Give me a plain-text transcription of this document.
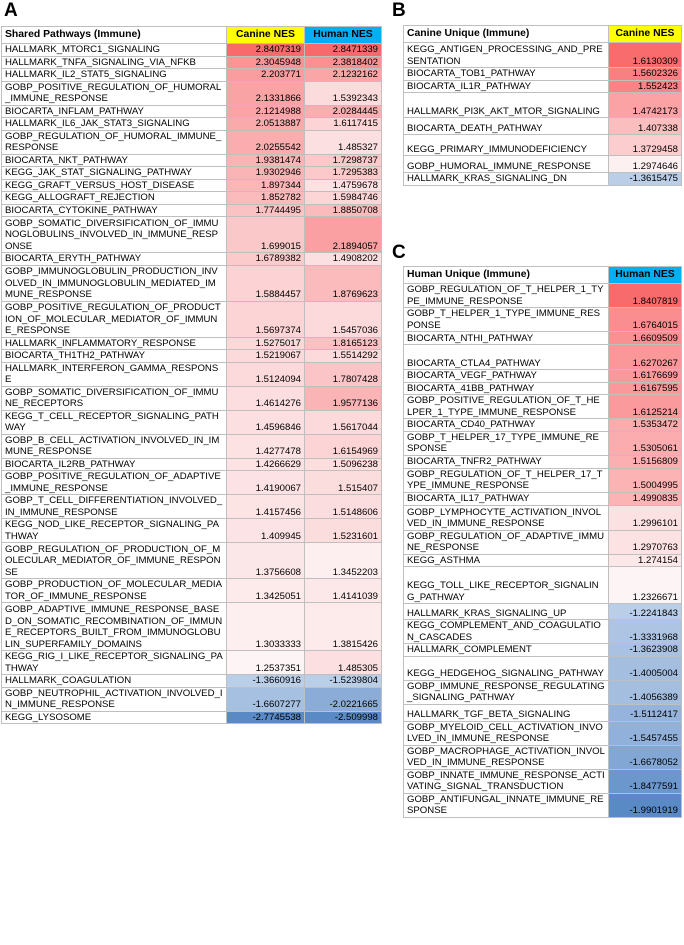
A	B
C
Shared Pathways (Immune)	Canine NES	Human NES
HALLMARK_MTORC1_SIGNALING	2.8407319	2.8471339
HALLMARK_TNFA_SIGNALING_VIA_NFKB	2.3045948	2.3818402
HALLMARK_IL2_STAT5_SIGNALING	2.203771	2.1232162
GOBP_POSITIVE_REGULATION_OF_HUMORAL_IMMUNE_RESPONSE	2.1331866	1.5392343
BIOCARTA_INFLAM_PATHWAY	2.1214988	2.0284445
HALLMARK_IL6_JAK_STAT3_SIGNALING	2.0513887	1.6117415
GOBP_REGULATION_OF_HUMORAL_IMMUNE_RESPONSE	2.0255542	1.485327
BIOCARTA_NKT_PATHWAY	1.9381474	1.7298737
KEGG_JAK_STAT_SIGNALING_PATHWAY	1.9302946	1.7295383
KEGG_GRAFT_VERSUS_HOST_DISEASE	1.897344	1.4759678
KEGG_ALLOGRAFT_REJECTION	1.852782	1.5984746
BIOCARTA_CYTOKINE_PATHWAY	1.7744495	1.8850708
GOBP_SOMATIC_DIVERSIFICATION_OF_IMMUNOGLOBULINS_INVOLVED_IN_IMMUNE_RESPONSE	1.699015	2.1894057
BIOCARTA_ERYTH_PATHWAY	1.6789382	1.4908202
GOBP_IMMUNOGLOBULIN_PRODUCTION_INVOLVED_IN_IMMUNOGLOBULIN_MEDIATED_IMMUNE_RESPONSE	1.5884457	1.8769623
GOBP_POSITIVE_REGULATION_OF_PRODUCTION_OF_MOLECULAR_MEDIATOR_OF_IMMUNE_RESPONSE	1.5697374	1.5457036
HALLMARK_INFLAMMATORY_RESPONSE	1.5275017	1.8165123
BIOCARTA_TH1TH2_PATHWAY	1.5219067	1.5514292
HALLMARK_INTERFERON_GAMMA_RESPONSE	1.5124094	1.7807428
GOBP_SOMATIC_DIVERSIFICATION_OF_IMMUNE_RECEPTORS	1.4614276	1.9577136
KEGG_T_CELL_RECEPTOR_SIGNALING_PATHWAY	1.4596846	1.5617044
GOBP_B_CELL_ACTIVATION_INVOLVED_IN_IMMUNE_RESPONSE	1.4277478	1.6154969
BIOCARTA_IL2RB_PATHWAY	1.4266629	1.5096238
GOBP_POSITIVE_REGULATION_OF_ADAPTIVE_IMMUNE_RESPONSE	1.4190067	1.515407
GOBP_T_CELL_DIFFERENTIATION_INVOLVED_IN_IMMUNE_RESPONSE	1.4157456	1.5148606
KEGG_NOD_LIKE_RECEPTOR_SIGNALING_PATHWAY	1.409945	1.5231601
GOBP_REGULATION_OF_PRODUCTION_OF_MOLECULAR_MEDIATOR_OF_IMMUNE_RESPONSE	1.3756608	1.3452203
GOBP_PRODUCTION_OF_MOLECULAR_MEDIATOR_OF_IMMUNE_RESPONSE	1.3425051	1.4141039
GOBP_ADAPTIVE_IMMUNE_RESPONSE_BASED_ON_SOMATIC_RECOMBINATION_OF_IMMUNE_RECEPTORS_BUILT_FROM_IMMUNOGLOBULIN_SUPERFAMILY_DOMAINS	1.3033333	1.3815426
KEGG_RIG_I_LIKE_RECEPTOR_SIGNALING_PATHWAY	1.2537351	1.485305
HALLMARK_COAGULATION	-1.3660916	-1.5239804
GOBP_NEUTROPHIL_ACTIVATION_INVOLVED_IN_IMMUNE_RESPONSE	-1.6607277	-2.0221665
KEGG_LYSOSOME	-2.7745538	-2.509998
Canine Unique (Immune)	Canine NES
KEGG_ANTIGEN_PROCESSING_AND_PRESENTATION	1.6130309
BIOCARTA_TOB1_PATHWAY	1.5602326
BIOCARTA_IL1R_PATHWAY	1.552423
HALLMARK_PI3K_AKT_MTOR_SIGNALING	1.4742173
BIOCARTA_DEATH_PATHWAY	1.407338
KEGG_PRIMARY_IMMUNODEFICIENCY	1.3729458
GOBP_HUMORAL_IMMUNE_RESPONSE	1.2974646
HALLMARK_KRAS_SIGNALING_DN	-1.3615475
Human Unique (Immune)	Human NES
GOBP_REGULATION_OF_T_HELPER_1_TYPE_IMMUNE_RESPONSE	1.8407819
GOBP_T_HELPER_1_TYPE_IMMUNE_RESPONSE	1.6764015
BIOCARTA_NTHI_PATHWAY	1.6609509
BIOCARTA_CTLA4_PATHWAY	1.6270267
BIOCARTA_VEGF_PATHWAY	1.6176699
BIOCARTA_41BB_PATHWAY	1.6167595
GOBP_POSITIVE_REGULATION_OF_T_HELPER_1_TYPE_IMMUNE_RESPONSE	1.6125214
BIOCARTA_CD40_PATHWAY	1.5353472
GOBP_T_HELPER_17_TYPE_IMMUNE_RESPONSE	1.5305061
BIOCARTA_TNFR2_PATHWAY	1.5156809
GOBP_REGULATION_OF_T_HELPER_17_TYPE_IMMUNE_RESPONSE	1.5004995
BIOCARTA_IL17_PATHWAY	1.4990835
GOBP_LYMPHOCYTE_ACTIVATION_INVOLVED_IN_IMMUNE_RESPONSE	1.2996101
GOBP_REGULATION_OF_ADAPTIVE_IMMUNE_RESPONSE	1.2970763
KEGG_ASTHMA	1.274154
KEGG_TOLL_LIKE_RECEPTOR_SIGNALING_PATHWAY	1.2326671
HALLMARK_KRAS_SIGNALING_UP	-1.2241843
KEGG_COMPLEMENT_AND_COAGULATION_CASCADES	-1.3331968
HALLMARK_COMPLEMENT	-1.3623908
KEGG_HEDGEHOG_SIGNALING_PATHWAY	-1.4005004
GOBP_IMMUNE_RESPONSE_REGULATING_SIGNALING_PATHWAY	-1.4056389
HALLMARK_TGF_BETA_SIGNALING	-1.5112417
GOBP_MYELOID_CELL_ACTIVATION_INVOLVED_IN_IMMUNE_RESPONSE	-1.5457455
GOBP_MACROPHAGE_ACTIVATION_INVOLVED_IN_IMMUNE_RESPONSE	-1.6678052
GOBP_INNATE_IMMUNE_RESPONSE_ACTIVATING_SIGNAL_TRANSDUCTION	-1.8477591
GOBP_ANTIFUNGAL_INNATE_IMMUNE_RESPONSE	-1.9901919
